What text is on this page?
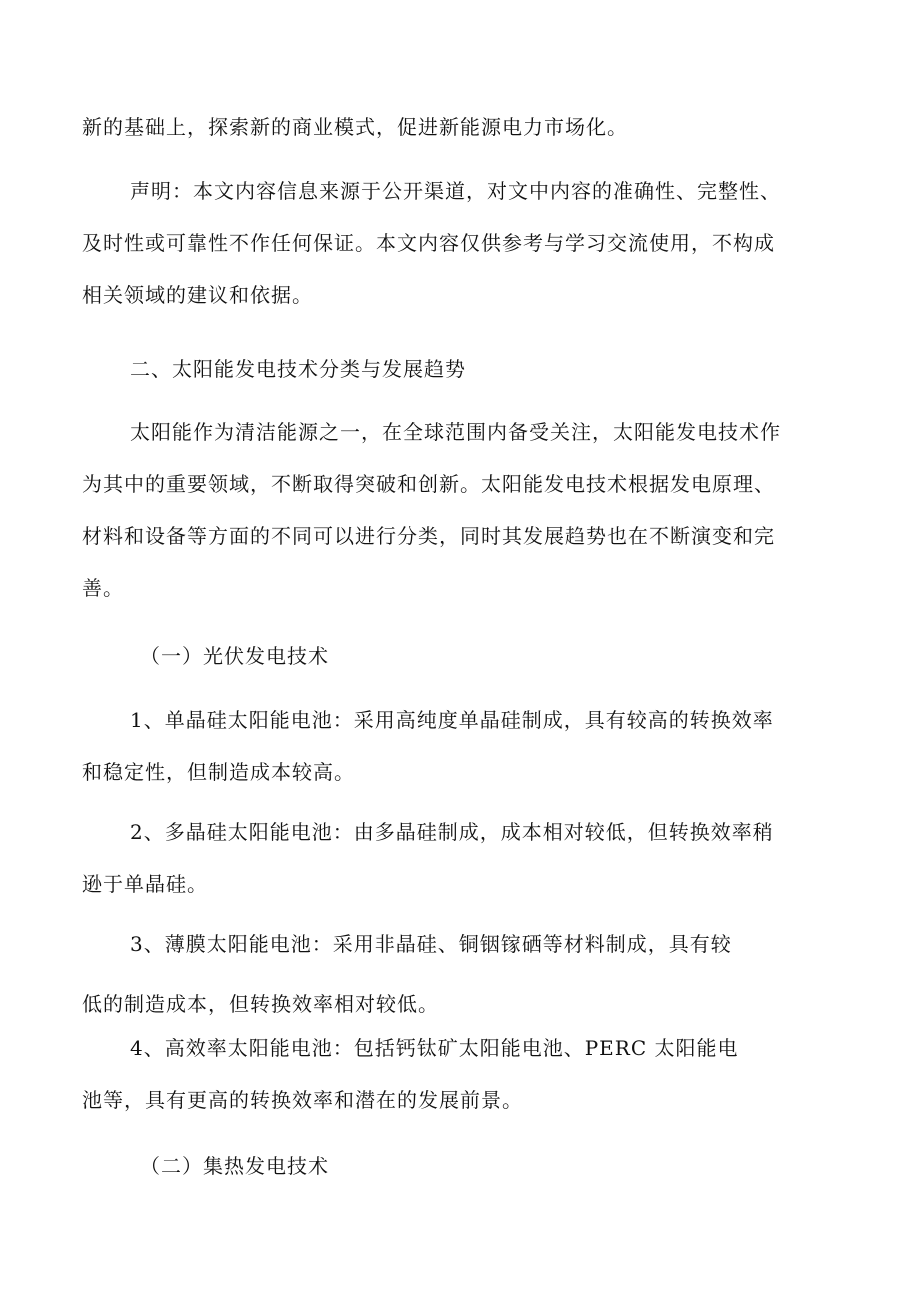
新的基础上，探索新的商业模式，促进新能源电力市场化。
声明：本文内容信息来源于公开渠道，对文中内容的准确性、完整性、
及时性或可靠性不作任何保证。本文内容仅供参考与学习交流使用，不构成
相关领域的建议和依据。
二、太阳能发电技术分类与发展趋势
太阳能作为清洁能源之一，在全球范围内备受关注，太阳能发电技术作
为其中的重要领域，不断取得突破和创新。太阳能发电技术根据发电原理、
材料和设备等方面的不同可以进行分类，同时其发展趋势也在不断演变和完
善。
（一）光伏发电技术
1、单晶硅太阳能电池：采用高纯度单晶硅制成，具有较高的转换效率
和稳定性，但制造成本较高。
2、多晶硅太阳能电池：由多晶硅制成，成本相对较低，但转换效率稍
逊于单晶硅。
3、薄膜太阳能电池：采用非晶硅、铜铟镓硒等材料制成，具有较
低的制造成本，但转换效率相对较低。
4、高效率太阳能电池：包括钙钛矿太阳能电池、PERC 太阳能电
池等，具有更高的转换效率和潜在的发展前景。
（二）集热发电技术
